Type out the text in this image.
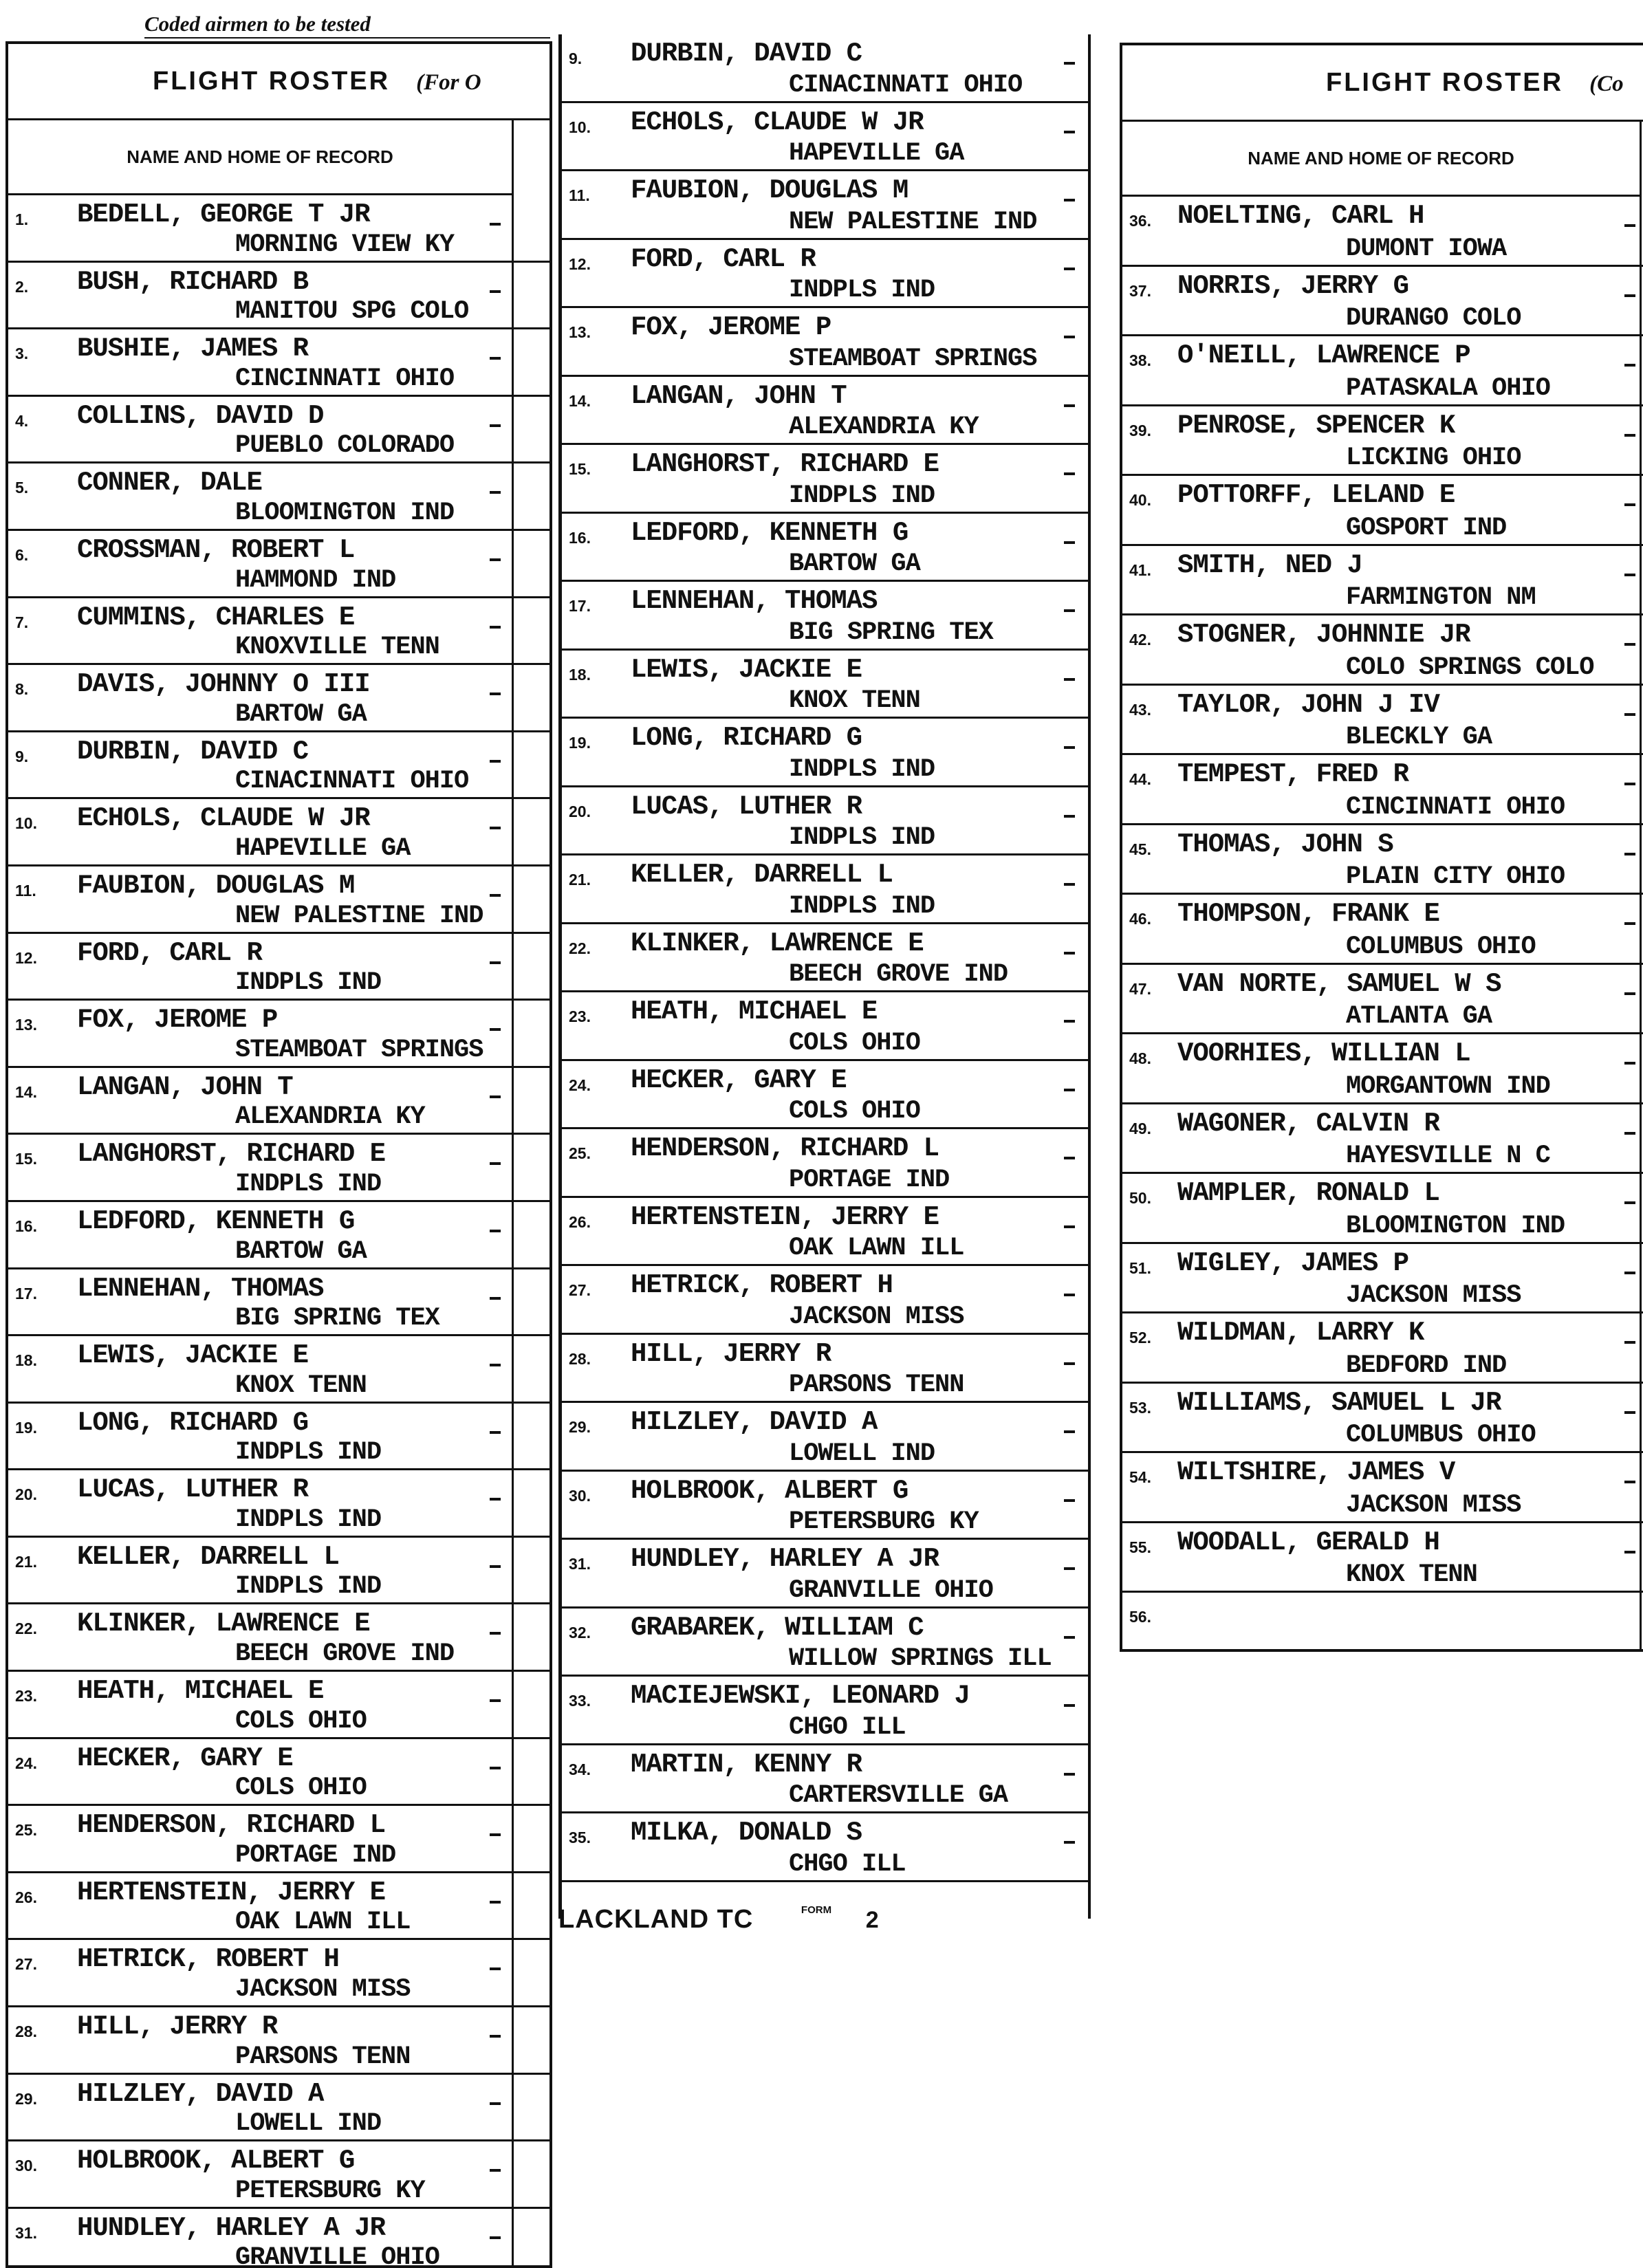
Coded airmen to be tested
FLIGHT ROSTER (For O
NAME AND HOME OF RECORD
1. BEDELL, GEORGE T JR
MORNING VIEW KY
2. BUSH, RICHARD B
MANITOU SPG COLO
3. BUSHIE, JAMES R
CINCINNATI OHIO
4. COLLINS, DAVID D
PUEBLO COLORADO
5. CONNER, DALE
BLOOMINGTON IND
6. CROSSMAN, ROBERT L
HAMMOND IND
7. CUMMINS, CHARLES E
KNOXVILLE TENN
8. DAVIS, JOHNNY O III
BARTOW GA
9. DURBIN, DAVID C
CINACINNATI OHIO
10. ECHOLS, CLAUDE W JR
HAPEVILLE GA
11. FAUBION, DOUGLAS M
NEW PALESTINE IND
12. FORD, CARL R
INDPLS IND
13. FOX, JEROME P
STEAMBOAT SPRINGS
14. LANGAN, JOHN T
ALEXANDRIA KY
15. LANGHORST, RICHARD E
INDPLS IND
16. LEDFORD, KENNETH G
BARTOW GA
17. LENNEHAN, THOMAS
BIG SPRING TEX
18. LEWIS, JACKIE E
KNOX TENN
19. LONG, RICHARD G
INDPLS IND
20. LUCAS, LUTHER R
INDPLS IND
21. KELLER, DARRELL L
INDPLS IND
22. KLINKER, LAWRENCE E
BEECH GROVE IND
23. HEATH, MICHAEL E
COLS OHIO
24. HECKER, GARY E
COLS OHIO
25. HENDERSON, RICHARD L
PORTAGE IND
26. HERTENSTEIN, JERRY E
OAK LAWN ILL
27. HETRICK, ROBERT H
JACKSON MISS
28. HILL, JERRY R
PARSONS TENN
29. HILZLEY, DAVID A
LOWELL IND
30. HOLBROOK, ALBERT G
PETERSBURG KY
31. HUNDLEY, HARLEY A JR
GRANVILLE OHIO
9. DURBIN, DAVID C
CINACINNATI OHIO
10. ECHOLS, CLAUDE W JR
HAPEVILLE GA
11. FAUBION, DOUGLAS M
NEW PALESTINE IND
12. FORD, CARL R
INDPLS IND
13. FOX, JEROME P
STEAMBOAT SPRINGS
14. LANGAN, JOHN T
ALEXANDRIA KY
15. LANGHORST, RICHARD E
INDPLS IND
16. LEDFORD, KENNETH G
BARTOW GA
17. LENNEHAN, THOMAS
BIG SPRING TEX
18. LEWIS, JACKIE E
KNOX TENN
19. LONG, RICHARD G
INDPLS IND
20. LUCAS, LUTHER R
INDPLS IND
21. KELLER, DARRELL L
INDPLS IND
22. KLINKER, LAWRENCE E
BEECH GROVE IND
23. HEATH, MICHAEL E
COLS OHIO
24. HECKER, GARY E
COLS OHIO
25. HENDERSON, RICHARD L
PORTAGE IND
26. HERTENSTEIN, JERRY E
OAK LAWN ILL
27. HETRICK, ROBERT H
JACKSON MISS
28. HILL, JERRY R
PARSONS TENN
29. HILZLEY, DAVID A
LOWELL IND
30. HOLBROOK, ALBERT G
PETERSBURG KY
31. HUNDLEY, HARLEY A JR
GRANVILLE OHIO
32. GRABAREK, WILLIAM C
WILLOW SPRINGS ILL
33. MACIEJEWSKI, LEONARD J
CHGO ILL
34. MARTIN, KENNY R
CARTERSVILLE GA
35. MILKA, DONALD S
CHGO ILL
FLIGHT ROSTER (Co
NAME AND HOME OF RECORD
36. NOELTING, CARL H
DUMONT IOWA
37. NORRIS, JERRY G
DURANGO COLO
38. O'NEILL, LAWRENCE P
PATASKALA OHIO
39. PENROSE, SPENCER K
LICKING OHIO
40. POTTORFF, LELAND E
GOSPORT IND
41. SMITH, NED J
FARMINGTON NM
42. STOGNER, JOHNNIE JR
COLO SPRINGS COLO
43. TAYLOR, JOHN J IV
BLECKLY GA
44. TEMPEST, FRED R
CINCINNATI OHIO
45. THOMAS, JOHN S
PLAIN CITY OHIO
46. THOMPSON, FRANK E
COLUMBUS OHIO
47. VAN NORTE, SAMUEL W S
ATLANTA GA
48. VOORHIES, WILLIAN L
MORGANTOWN IND
49. WAGONER, CALVIN R
HAYESVILLE N C
50. WAMPLER, RONALD L
BLOOMINGTON IND
51. WIGLEY, JAMES P
JACKSON MISS
52. WILDMAN, LARRY K
BEDFORD IND
53. WILLIAMS, SAMUEL L JR
COLUMBUS OHIO
54. WILTSHIRE, JAMES V
JACKSON MISS
55. WOODALL, GERALD H
KNOX TENN
56.
LACKLAND TC	FORM 2
